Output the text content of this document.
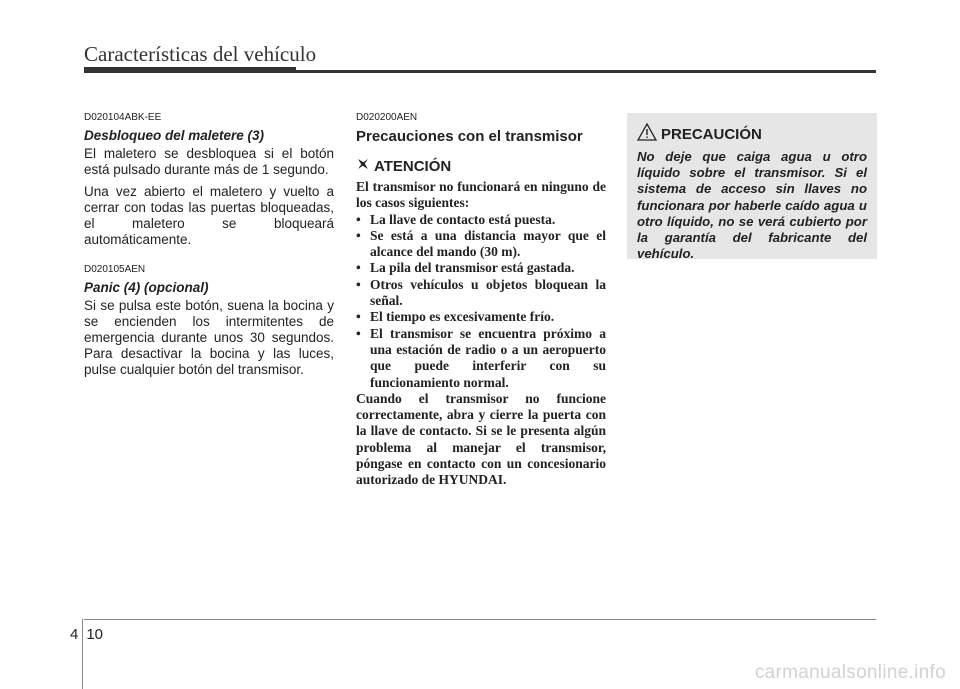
Características del vehículo
D020104ABK-EE
Desbloqueo del maletere (3)

El maletero se desbloquea si el botón está pulsado durante más de 1 segundo.

Una vez abierto el maletero y vuelto a cerrar con todas las puertas bloqueadas, el maletero se bloqueará automáticamente.

D020105AEN
Panic (4) (opcional)

Si se pulsa este botón, suena la bocina y se encienden los intermitentes de emergencia durante unos 30 segundos. Para desactivar la bocina y las luces, pulse cualquier botón del transmisor.

D020200AEN
Precauciones con el transmisor
ATENCIÓN

El transmisor no funcionará en ninguno de los casos siguientes:

• La llave de contacto está puesta.
• Se está a una distancia mayor que el alcance del mando (30 m).
• La pila del transmisor está gastada.
• Otros vehículos u objetos bloquean la señal.
• El tiempo es excesivamente frío.
• El transmisor se encuentra próximo a una estación de radio o a un aeropuerto que puede interferir con su funcionamiento normal.

Cuando el transmisor no funcione correctamente, abra y cierre la puerta con la llave de contacto. Si se le presenta algún problema al manejar el transmisor, póngase en contacto con un concesionario autorizado de HYUNDAI.

PRECAUCIÓN

No deje que caiga agua u otro líquido sobre el transmisor. Si el sistema de acceso sin llaves no funcionara por haberle caído agua u otro líquido, no se verá cubierto por la garantía del fabricante del vehículo.

4 10
carmanualsonline.info
